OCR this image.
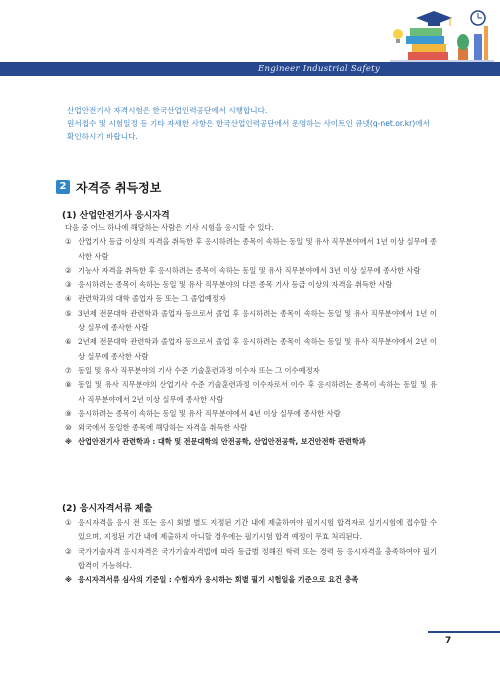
Engineer Industrial Safety

산업안전기사 자격시험은 한국산업인력공단에서 시행합니다.

원서접수 및 시험일정 등 기타 자세한 사항은 한국산업인력공단에서 운영하는 사이트인 큐넷(q-net.or.kr)에서

확인하시기 바랍니다.

2 자격증 취득정보
(1) 산업안전기사 응시자격
다음 중 어느 하나에 해당하는 사람은 기사 시험을 응시할 수 있다.
① 산업기사 등급 이상의 자격을 취득한 후 응시하려는 종목이 속하는 동일 및 유사 직무분야에서 1년 이상 실무에 종사한 사람
② 기능사 자격을 취득한 후 응시하려는 종목이 속하는 동일 및 유사 직무분야에서 3년 이상 실무에 종사한 사람
③ 응시하려는 종목이 속하는 동일 및 유사 직무분야의 다른 종목 기사 등급 이상의 자격을 취득한 사람
④ 관련학과의 대학 졸업자 등 또는 그 졸업예정자
⑤ 3년제 전문대학 관련학과 졸업자 등으로서 졸업 후 응시하려는 종목이 속하는 동일 및 유사 직무분야에서 1년 이상 실무에 종사한 사람
⑥ 2년제 전문대학 관련학과 졸업자 등으로서 졸업 후 응시하려는 종목이 속하는 동일 및 유사 직무분야에서 2년 이상 실무에 종사한 사람
⑦ 동일 및 유사 직무분야의 기사 수준 기술훈련과정 이수자 또는 그 이수예정자
⑧ 동일 및 유사 직무분야의 산업기사 수준 기술훈련과정 이수자로서 이수 후 응시하려는 종목이 속하는 동일 및 유사 직무분야에서 2년 이상 실무에 종사한 사람
⑨ 응시하려는 종목이 속하는 동일 및 유사 직무분야에서 4년 이상 실무에 종사한 사람
⑩ 외국에서 동일한 종목에 해당하는 자격을 취득한 사람
※ 산업안전기사 관련학과 : 대학 및 전문대학의 안전공학, 산업안전공학, 보건안전학 관련학과
(2) 응시자격서류 제출
① 응시자격을 응시 전 또는 응시 회별 별도 지정된 기간 내에 제출하여야 필기시험 합격자로 실기시험에 접수할 수 있으며, 지정된 기간 내에 제출하지 아니할 경우에는 필기시험 합격 예정이 무효 처리된다.
② 국가기술자격 응시자격은 국가기술자격법에 따라 등급별 정해진 학력 또는 경력 등 응시자격을 충족하여야 필기 합격이 가능하다.
※ 응시자격서류 심사의 기준일 : 수험자가 응시하는 회별 필기 시험일을 기준으로 요건 충족
7
